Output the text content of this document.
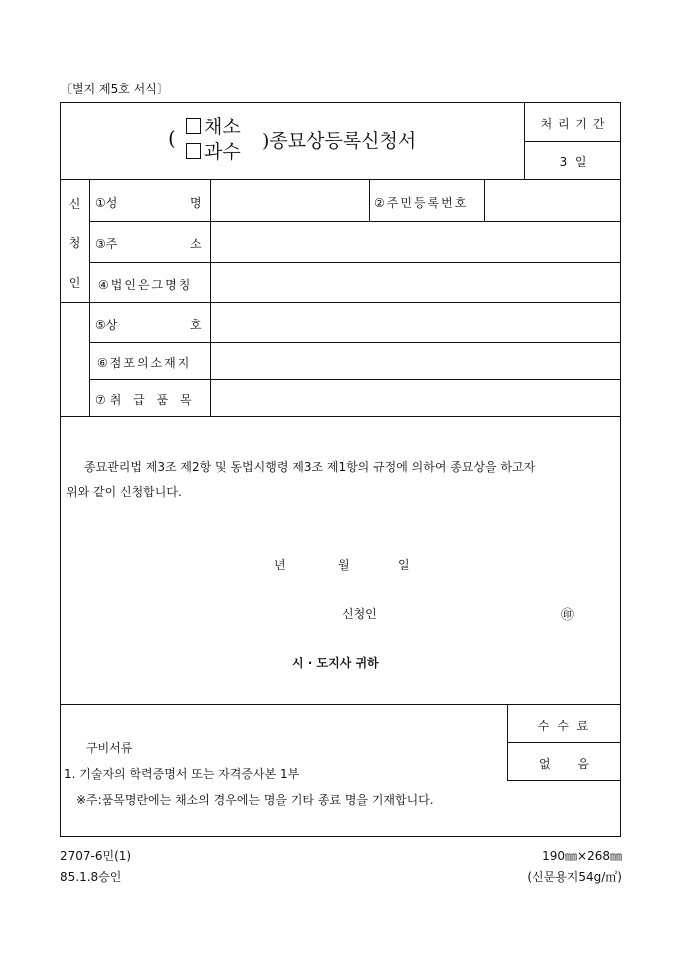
〔별지 제5호 서식〕
(	채소
과수 )종묘상등록신청서
처 리 기 간
3  일
신
청
인
①성	명	②주민등록번호
③주	소
④법인은그명칭
⑤상	호
⑥점포의소재지
⑦취 급 품 목
종묘관리법 제3조 제2항 및 동법시행령 제3조 제1항의 규정에 의하여 종묘상을 하고자
위와 같이 신청합니다.
년	월	일
신청인	㊞
시 · 도지사 귀하
구비서류
1. 기술자의 학력증명서 또는 자격증사본 1부
※주:품목명란에는 채소의 경우에는 명을 기타 종료 명을 기재합니다.
수 수 료
없       음
2707-6민(1)
85.1.8승인
190㎜×268㎜
(신문용지54g/㎡)
